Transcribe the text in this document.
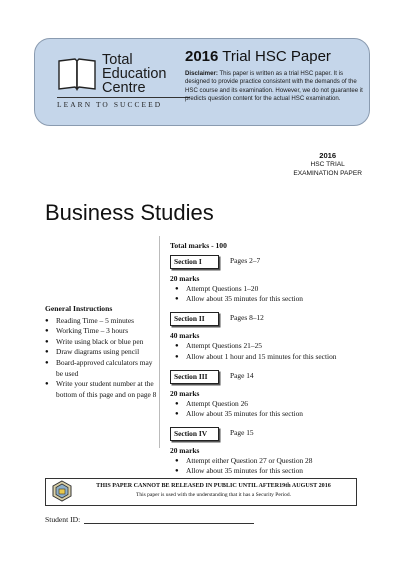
Total
Education
Centre
LEARN TO SUCCEED
2016 Trial HSC Paper
Disclaimer: This paper is written as a trial HSC paper. It is designed to provide practice consistent with the demands of the HSC course and its examination. However, we do not guarantee it predicts question content for the actual HSC examination.
2016
HSC TRIAL
EXAMINATION PAPER
Business Studies
General Instructions
● Reading Time – 5 minutes
● Working Time – 3 hours
● Write using black or blue pen
● Draw diagrams using pencil
● Board-approved calculators may be used
● Write your student number at the bottom of this page and on page 8
Total marks - 100
Section I	Pages 2–7
20 marks
● Attempt Questions 1–20
● Allow about 35 minutes for this section
Section II	Pages 8–12
40 marks
● Attempt Questions 21–25
● Allow about 1 hour and 15 minutes for this section
Section III	Page 14
20 marks
● Attempt Question 26
● Allow about 35 minutes for this section
Section IV	Page 15
20 marks
● Attempt either Question 27 or Question 28
● Allow about 35 minutes for this section
THIS PAPER CANNOT BE RELEASED IN PUBLIC UNTIL AFTER19th AUGUST 2016
This paper is used with the understanding that it has a Security Period.
Student ID:
